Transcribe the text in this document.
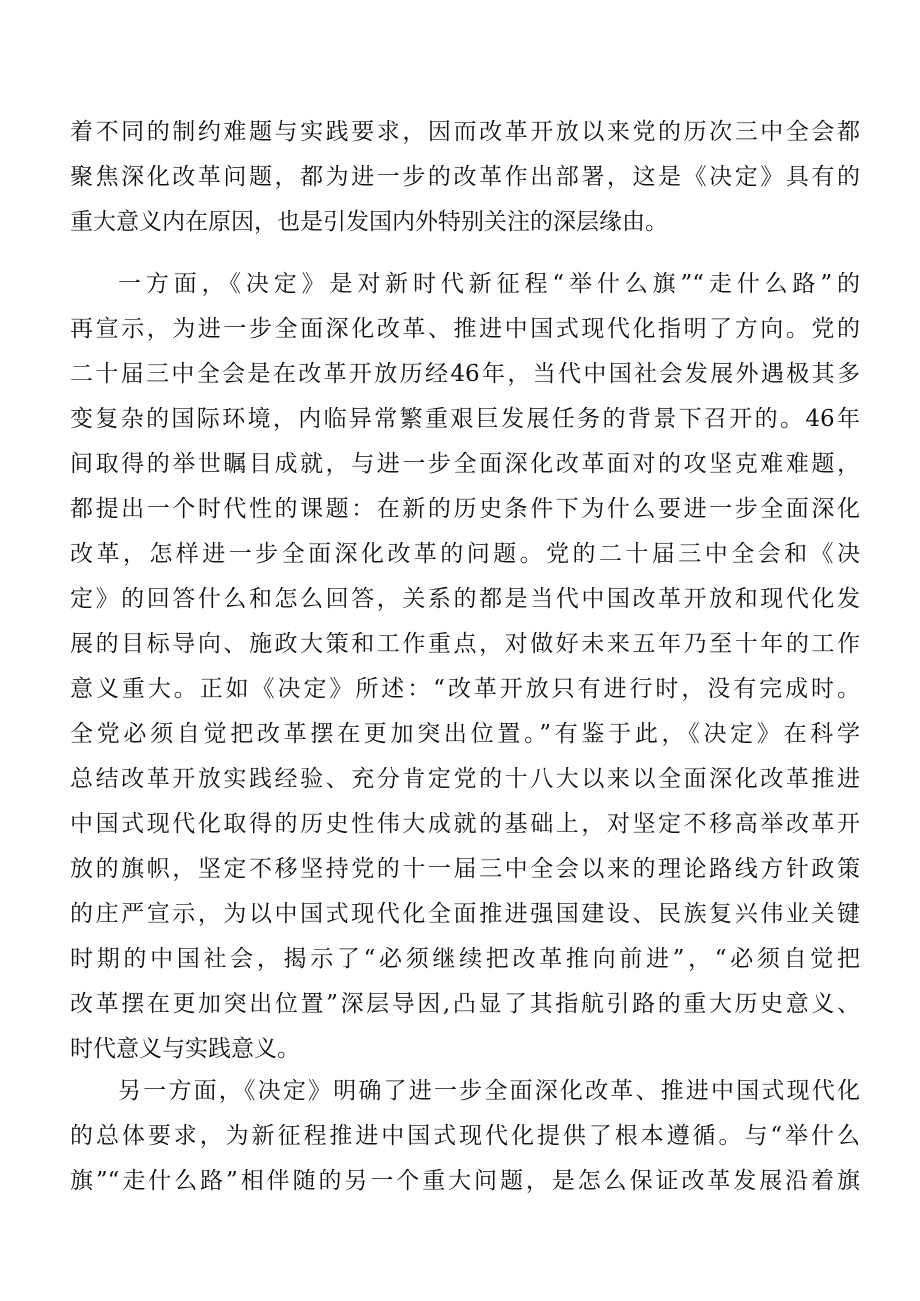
着不同的制约难题与实践要求，因而改革开放以来党的历次三中全会都
聚焦深化改革问题，都为进一步的改革作出部署，这是《决定》具有的
重大意义内在原因，也是引发国内外特别关注的深层缘由。
一方面，《决定》是对新时代新征程“举什么旗”“走什么路”的
再宣示，为进一步全面深化改革、推进中国式现代化指明了方向。党的
二十届三中全会是在改革开放历经46年，当代中国社会发展外遇极其多
变复杂的国际环境，内临异常繁重艰巨发展任务的背景下召开的。46年
间取得的举世瞩目成就，与进一步全面深化改革面对的攻坚克难难题，
都提出一个时代性的课题：在新的历史条件下为什么要进一步全面深化
改革，怎样进一步全面深化改革的问题。党的二十届三中全会和《决
定》的回答什么和怎么回答，关系的都是当代中国改革开放和现代化发
展的目标导向、施政大策和工作重点，对做好未来五年乃至十年的工作
意义重大。正如《决定》所述：“改革开放只有进行时，没有完成时。
全党必须自觉把改革摆在更加突出位置。”有鉴于此，《决定》在科学
总结改革开放实践经验、充分肯定党的十八大以来以全面深化改革推进
中国式现代化取得的历史性伟大成就的基础上，对坚定不移高举改革开
放的旗帜，坚定不移坚持党的十一届三中全会以来的理论路线方针政策
的庄严宣示，为以中国式现代化全面推进强国建设、民族复兴伟业关键
时期的中国社会，揭示了“必须继续把改革推向前进”，“必须自觉把
改革摆在更加突出位置”深层导因,凸显了其指航引路的重大历史意义、
时代意义与实践意义。
另一方面，《决定》明确了进一步全面深化改革、推进中国式现代化
的总体要求，为新征程推进中国式现代化提供了根本遵循。与“举什么
旗”“走什么路”相伴随的另一个重大问题，是怎么保证改革发展沿着旗
